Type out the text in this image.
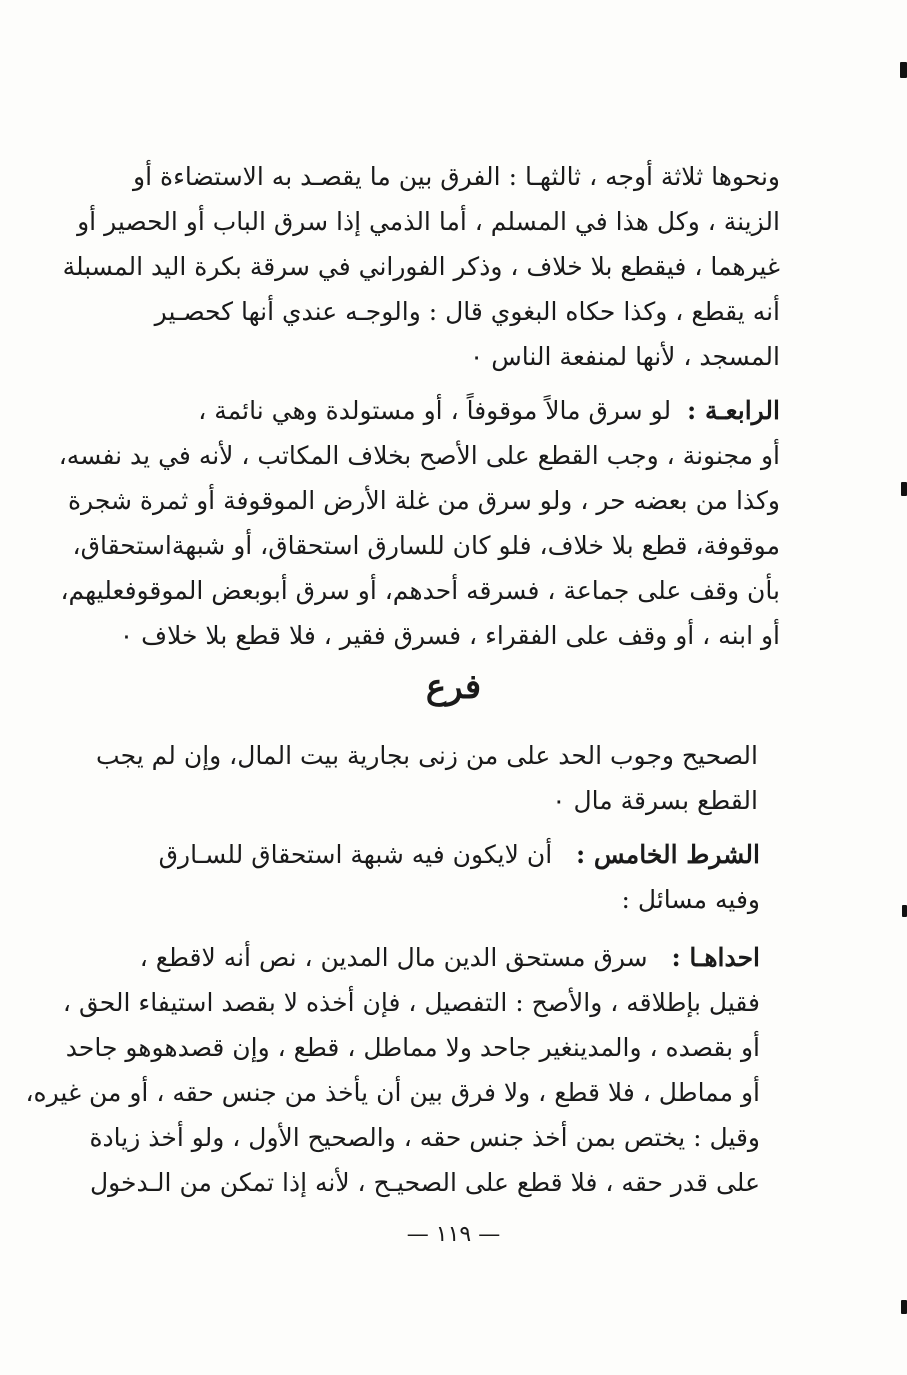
ونحوها ثلاثة أوجه ، ثالثهـا : الفرق بين ما يقصـد به الاستضاءة أو
الزينة ، وكل هذا في المسلم ، أما الذمي إذا سرق الباب أو الحصير أو
غيرهما ، فيقطع بلا خلاف ، وذكر الفوراني في سرقة بكرة اليد المسبلة
أنه يقطع ، وكذا حكاه البغوي قال : والوجـه عندي أنها كحصـير
المسجد ، لأنها لمنفعة الناس ٠
الرابعـة :  لو سرق مالاً موقوفاً ، أو مستولدة وهي نائمة ،
أو مجنونة ، وجب القطع على الأصح بخلاف المكاتب ، لأنه في يد نفسه،
وكذا من بعضه حر ، ولو سرق من غلة الأرض الموقوفة أو ثمرة شجرة
موقوفة، قطع بلا خلاف، فلو كان للسارق استحقاق، أو شبهةاستحقاق،
بأن وقف على جماعة ، فسرقه أحدهم، أو سرق أبوبعض الموقوفعليهم،
أو ابنه ، أو وقف على الفقراء ، فسرق فقير ، فلا قطع بلا خلاف ٠
فرع
الصحيح وجوب الحد على من زنى بجارية بيت المال، وإن لم يجب
القطع بسرقة مال ٠
الشرط الخامس :   أن لايكون فيه شبهة استحقاق للسـارق
وفيه مسائل :
احداهـا :   سرق مستحق الدين مال المدين ، نص أنه لاقطع ،
فقيل بإطلاقه ، والأصح : التفصيل ، فإن أخذه لا بقصد استيفاء الحق ،
أو بقصده ، والمدينغير جاحد ولا مماطل ، قطع ، وإن قصدهوهو جاحد
أو مماطل ، فلا قطع ، ولا فرق بين أن يأخذ من جنس حقه ، أو من غيره،
وقيل : يختص بمن أخذ جنس حقه ، والصحيح الأول ، ولو أخذ زيادة
على قدر حقه ، فلا قطع على الصحيـح ، لأنه إذا تمكن من الـدخول
— ١١٩ —
